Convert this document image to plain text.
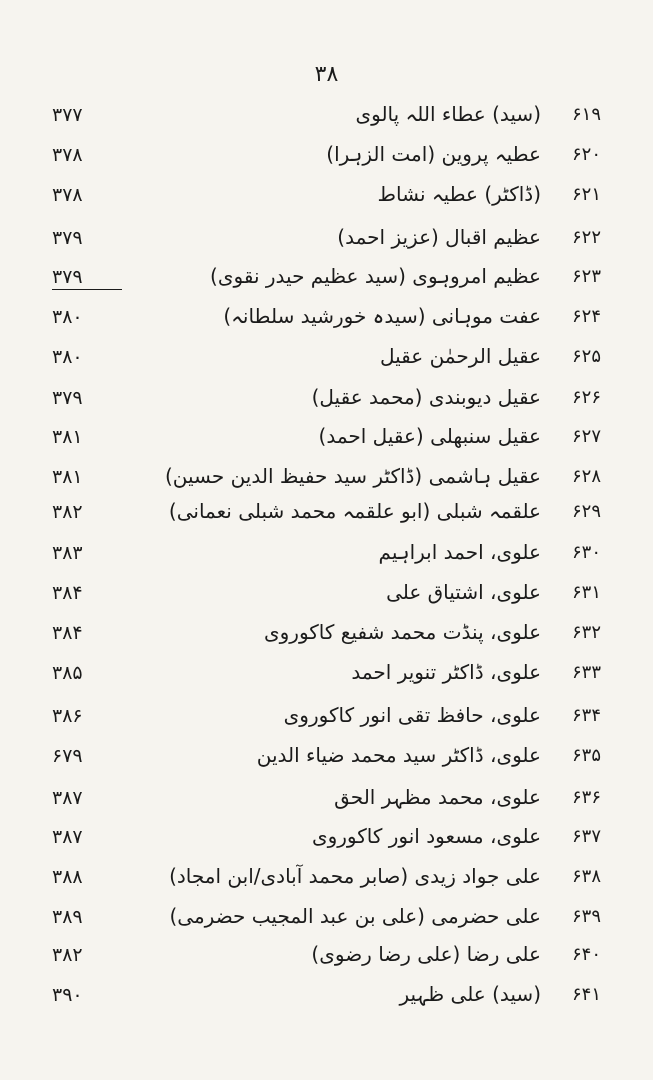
۳۸
۳۷۷	(سید) عطاء اللہ پالوی	۶۱۹
۳۷۸	عطیہ پروین (امت الزہرا)	۶۲۰
۳۷۸	(ڈاکٹر) عطیہ نشاط	۶۲۱
۳۷۹	عظیم اقبال (عزیز احمد)	۶۲۲
۳۷۹	عظیم امروہوی (سید عظیم حیدر نقوی)	۶۲۳
۳۸۰	عفت موہانی (سیدہ خورشید سلطانہ)	۶۲۴
۳۸۰	عقیل الرحمٰن عقیل	۶۲۵
۳۷۹	عقیل دیوبندی (محمد عقیل)	۶۲۶
۳۸۱	عقیل سنبھلی (عقیل احمد)	۶۲۷
۳۸۱	عقیل ہاشمی (ڈاکٹر سید حفیظ الدین حسین)	۶۲۸
۳۸۲	علقمہ شبلی (ابو علقمہ محمد شبلی نعمانی)	۶۲۹
۳۸۳	علوی، احمد ابراہیم	۶۳۰
۳۸۴	علوی، اشتیاق علی	۶۳۱
۳۸۴	علوی، پنڈت محمد شفیع کاکوروی	۶۳۲
۳۸۵	علوی، ڈاکٹر تنویر احمد	۶۳۳
۳۸۶	علوی، حافظ تقی انور کاکوروی	۶۳۴
۶۷۹	علوی، ڈاکٹر سید محمد ضیاء الدین	۶۳۵
۳۸۷	علوی، محمد مظہر الحق	۶۳۶
۳۸۷	علوی، مسعود انور کاکوروی	۶۳۷
۳۸۸	علی جواد زیدی (صابر محمد آبادی/ابن امجاد)	۶۳۸
۳۸۹	علی حضرمی (علی بن عبد المجیب حضرمی)	۶۳۹
۳۸۲	علی رضا (علی رضا رضوی)	۶۴۰
۳۹۰	(سید) علی ظہیر	۶۴۱
